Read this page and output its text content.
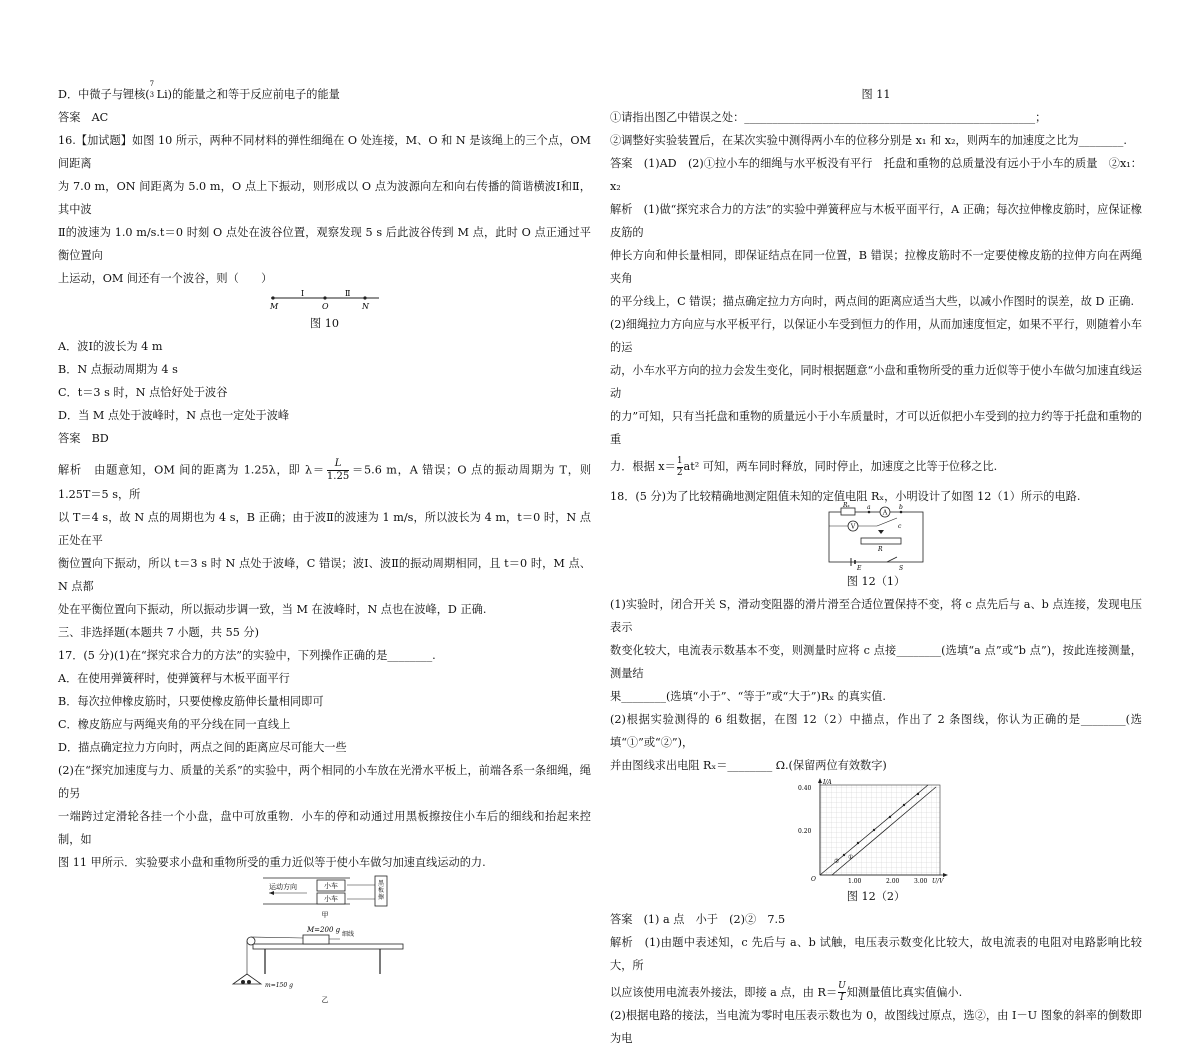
D．中微子与锂核(
7
3 Li)的能量之和等于反应前电子的能量

答案　AC

16.【加试题】如图 10 所示，两种不同材料的弹性细绳在 O 处连接，M、O 和 N 是该绳上的三个点，OM 间距离

为 7.0 m，ON 间距离为 5.0 m，O 点上下振动，则形成以 O 点为波源向左和向右传播的简谐横波Ⅰ和Ⅱ，其中波

Ⅱ的波速为 1.0 m/s.t＝0 时刻 O 点处在波谷位置，观察发现 5 s 后此波谷传到 M 点，此时 O 点正通过平衡位置向

上运动，OM 间还有一个波谷，则（　　）

Ⅰ	Ⅱ
M	O	N

图 10

A．波Ⅰ的波长为 4 m

B．N 点振动周期为 4 s

C．t＝3 s 时，N 点恰好处于波谷

D．当 M 点处于波峰时，N 点也一定处于波峰

答案　BD

解析　由题意知，OM 间的距离为 1.25λ，即 $\lambda= \frac{L}{1.25} =5.6$ m，A 错误；O 点的振动周期为 T，则 1.25T＝5 s，所

以 T＝4 s，故 N 点的周期也为 4 s，B 正确；由于波Ⅱ的波速为 1 m/s，所以波长为 4 m，t＝0 时，N 点正处在平

衡位置向下振动，所以 t＝3 s 时 N 点处于波峰，C 错误；波Ⅰ、波Ⅱ的振动周期相同，且 t＝0 时，M 点、N 点都

处在平衡位置向下振动，所以振动步调一致，当 M 在波峰时，N 点也在波峰，D 正确.

三、非选择题(本题共 7 小题，共 55 分)

17．(5 分)(1)在“探究求合力的方法”的实验中，下列操作正确的是________.

A．在使用弹簧秤时，使弹簧秤与木板平面平行

B．每次拉伸橡皮筋时，只要使橡皮筋伸长量相同即可

C．橡皮筋应与两绳夹角的平分线在同一直线上

D．描点确定拉力方向时，两点之间的距离应尽可能大一些

(2)在“探究加速度与力、质量的关系”的实验中，两个相同的小车放在光滑水平板上，前端各系一条细绳，绳的另

一端跨过定滑轮各挂一个小盘，盘中可放重物．小车的停和动通过用黑板擦按住小车后的细线和抬起来控制，如

图 11 甲所示．实验要求小盘和重物所受的重力近似等于使小车做匀加速直线运动的力.

小车
小车
黑板擦
运动方向
甲
M=200 g
细线
m=150 g
乙

图 11

①请指出图乙中错误之处：____________________________________________________；

②调整好实验装置后，在某次实验中测得两小车的位移分别是 x₁ 和 x₂，则两车的加速度之比为________.

答案　(1)AD　(2)①拉小车的细绳与水平板没有平行　托盘和重物的总质量没有远小于小车的质量　②x₁：x₂

解析　(1)做“探究求合力的方法”的实验中弹簧秤应与木板平面平行，A 正确；每次拉伸橡皮筋时，应保证橡皮筋的

伸长方向和伸长量相同，即保证结点在同一位置，B 错误；拉橡皮筋时不一定要使橡皮筋的拉伸方向在两绳夹角

的平分线上，C 错误；描点确定拉力方向时，两点间的距离应适当大些，以减小作图时的误差，故 D 正确.

(2)细绳拉力方向应与水平板平行，以保证小车受到恒力的作用，从而加速度恒定，如果不平行，则随着小车的运

动，小车水平方向的拉力会发生变化，同时根据题意“小盘和重物所受的重力近似等于使小车做匀加速直线运动

的力”可知，只有当托盘和重物的质量远小于小车质量时，才可以近似把小车受到的拉力约等于托盘和重物的重

力．根据 $x= \frac{1}{2} at^2$ 可知，两车同时释放，同时停止，加速度之比等于位移之比.

18．(5 分)为了比较精确地测定阻值未知的定值电阻 Rₓ，小明设计了如图 12（1）所示的电路.

Rₓ	a
A
b
V	c
R
E	S

图 12（1）

(1)实验时，闭合开关 S，滑动变阻器的滑片滑至合适位置保持不变，将 c 点先后与 a、b 点连接，发现电压表示

数变化较大，电流表示数基本不变，则测量时应将 c 点接________(选填“a 点”或“b 点”)，按此连接测量，测量结

果________(选填“小于”、“等于”或“大于”)Rₓ 的真实值.

(2)根据实验测得的 6 组数据，在图 12（2）中描点，作出了 2 条图线，你认为正确的是________(选填“①”或“②”)，

并由图线求出电阻 Rₓ＝________ Ω.(保留两位有效数字)

I/A
U/V
O
0.40
0.20
1.00	2.00 3.00
①
②

图 12（2）

答案　(1) a 点　小于　(2)②　7.5

解析　(1)由题中表述知，c 先后与 a、b 试触，电压表示数变化比较大，故电流表的电阻对电路影响比较大，所

以应该使用电流表外接法，即接 a 点，由 $R= \frac{U}{I}$ 知测量值比真实值偏小.

(2)根据电路的接法，当电流为零时电压表示数也为 0，故图线过原点，选②，由 I－U 图象的斜率的倒数即为电
